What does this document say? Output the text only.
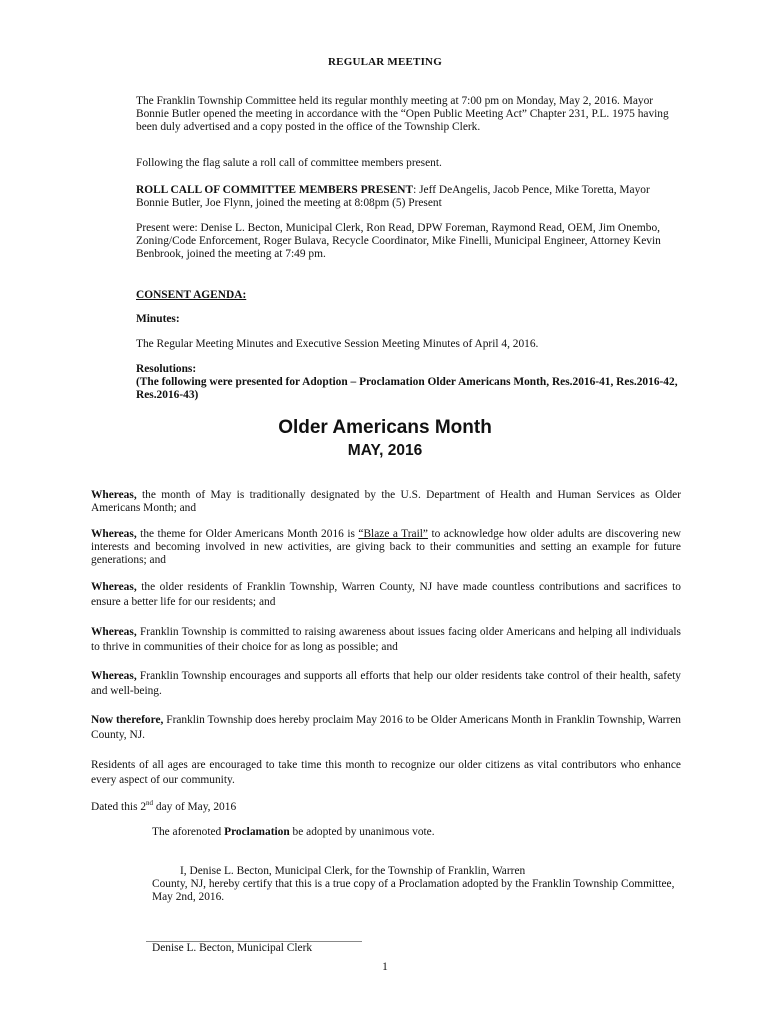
REGULAR MEETING
The Franklin Township Committee held its regular monthly meeting at 7:00 pm on Monday, May 2, 2016. Mayor Bonnie Butler opened the meeting in accordance with the “Open Public Meeting Act” Chapter 231, P.L. 1975 having been duly advertised and a copy posted in the office of the Township Clerk.
Following the flag salute a roll call of committee members present.
ROLL CALL OF COMMITTEE MEMBERS PRESENT: Jeff DeAngelis, Jacob Pence, Mike Toretta, Mayor Bonnie Butler, Joe Flynn, joined the meeting at 8:08pm (5) Present
Present were: Denise L. Becton, Municipal Clerk, Ron Read, DPW Foreman, Raymond Read, OEM, Jim Onembo, Zoning/Code Enforcement, Roger Bulava, Recycle Coordinator, Mike Finelli, Municipal Engineer, Attorney Kevin Benbrook, joined the meeting at 7:49 pm.
CONSENT AGENDA:
Minutes:
The Regular Meeting Minutes and Executive Session Meeting Minutes of April 4, 2016.
Resolutions:
(The following were presented for Adoption – Proclamation Older Americans Month, Res.2016-41, Res.2016-42, Res.2016-43)
Older Americans Month
MAY, 2016
Whereas, the month of May is traditionally designated by the U.S. Department of Health and Human Services as Older Americans Month; and
Whereas, the theme for Older Americans Month 2016 is “Blaze a Trail” to acknowledge how older adults are discovering new interests and becoming involved in new activities, are giving back to their communities and setting an example for future generations; and
Whereas, the older residents of Franklin Township, Warren County, NJ have made countless contributions and sacrifices to ensure a better life for our residents; and
Whereas, Franklin Township is committed to raising awareness about issues facing older Americans and helping all individuals to thrive in communities of their choice for as long as possible; and
Whereas, Franklin Township encourages and supports all efforts that help our older residents take control of their health, safety and well-being.
Now therefore, Franklin Township does hereby proclaim May 2016 to be Older Americans Month in Franklin Township, Warren County, NJ.
Residents of all ages are encouraged to take time this month to recognize our older citizens as vital contributors who enhance every aspect of our community.
Dated this 2nd day of May, 2016
The aforenoted Proclamation be adopted by unanimous vote.
I, Denise L. Becton, Municipal Clerk, for the Township of Franklin, Warren
County, NJ, hereby certify that this is a true copy of a Proclamation adopted by the Franklin Township Committee, May 2nd, 2016.
Denise L. Becton, Municipal Clerk
1
